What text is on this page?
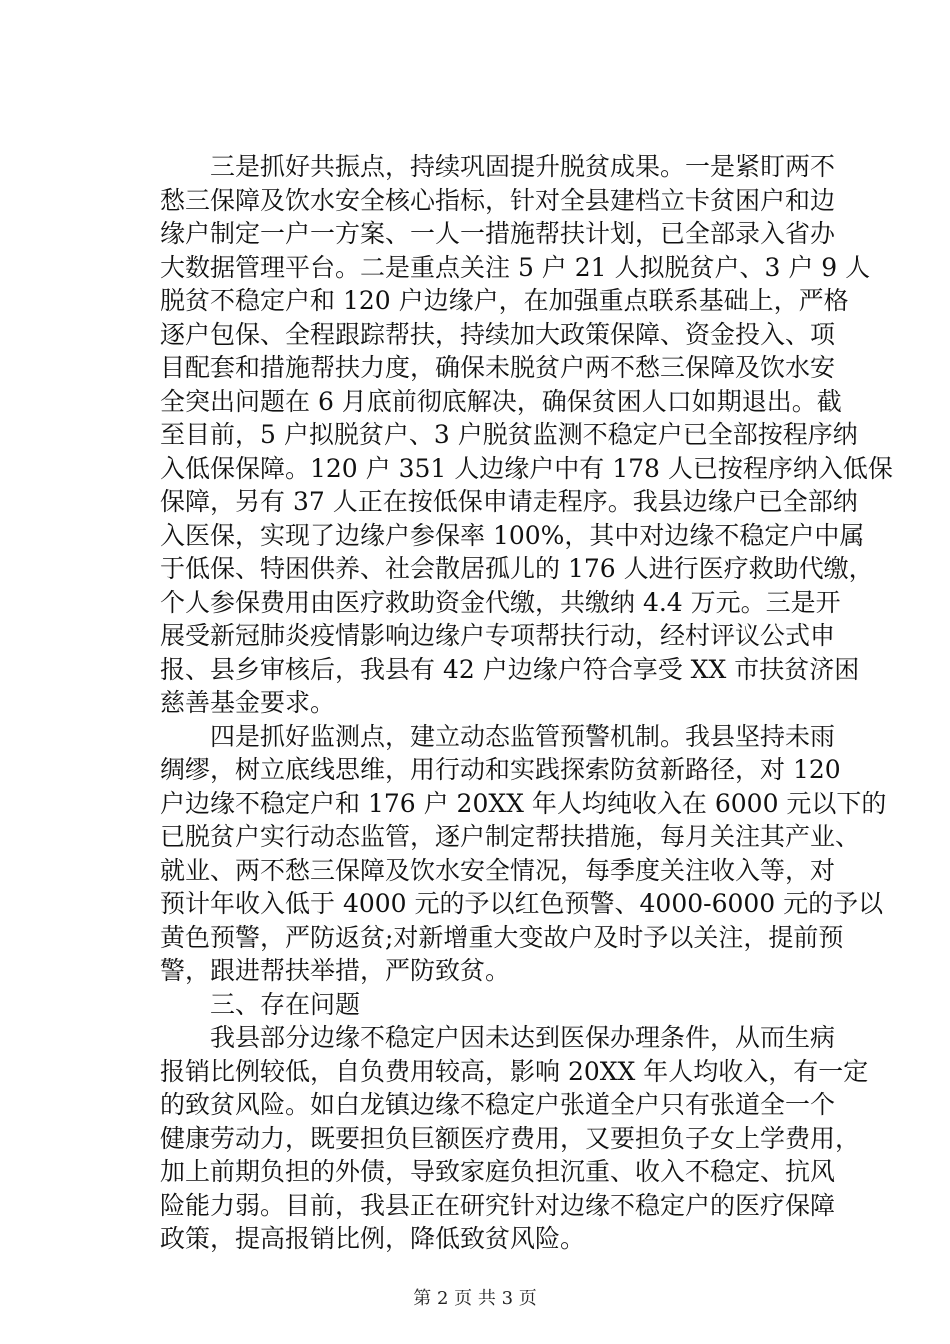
三是抓好共振点，持续巩固提升脱贫成果。一是紧盯两不
愁三保障及饮水安全核心指标，针对全县建档立卡贫困户和边
缘户制定一户一方案、一人一措施帮扶计划，已全部录入省办
大数据管理平台。二是重点关注 5 户 21 人拟脱贫户、3 户 9 人
脱贫不稳定户和 120 户边缘户，在加强重点联系基础上，严格
逐户包保、全程跟踪帮扶，持续加大政策保障、资金投入、项
目配套和措施帮扶力度，确保未脱贫户两不愁三保障及饮水安
全突出问题在 6 月底前彻底解决，确保贫困人口如期退出。截
至目前，5 户拟脱贫户、3 户脱贫监测不稳定户已全部按程序纳
入低保保障。120 户 351 人边缘户中有 178 人已按程序纳入低保
保障，另有 37 人正在按低保申请走程序。我县边缘户已全部纳
入医保，实现了边缘户参保率 100%，其中对边缘不稳定户中属
于低保、特困供养、社会散居孤儿的 176 人进行医疗救助代缴，
个人参保费用由医疗救助资金代缴，共缴纳 4.4 万元。三是开
展受新冠肺炎疫情影响边缘户专项帮扶行动，经村评议公式申
报、县乡审核后，我县有 42 户边缘户符合享受 XX 市扶贫济困
慈善基金要求。
四是抓好监测点，建立动态监管预警机制。我县坚持未雨
绸缪，树立底线思维，用行动和实践探索防贫新路径，对 120
户边缘不稳定户和 176 户 20XX 年人均纯收入在 6000 元以下的
已脱贫户实行动态监管，逐户制定帮扶措施，每月关注其产业、
就业、两不愁三保障及饮水安全情况，每季度关注收入等，对
预计年收入低于 4000 元的予以红色预警、4000-6000 元的予以
黄色预警，严防返贫;对新增重大变故户及时予以关注，提前预
警，跟进帮扶举措，严防致贫。
三、存在问题
我县部分边缘不稳定户因未达到医保办理条件，从而生病
报销比例较低，自负费用较高，影响 20XX 年人均收入，有一定
的致贫风险。如白龙镇边缘不稳定户张道全户只有张道全一个
健康劳动力，既要担负巨额医疗费用，又要担负子女上学费用，
加上前期负担的外债，导致家庭负担沉重、收入不稳定、抗风
险能力弱。目前，我县正在研究针对边缘不稳定户的医疗保障
政策，提高报销比例，降低致贫风险。
第 2 页 共 3 页
